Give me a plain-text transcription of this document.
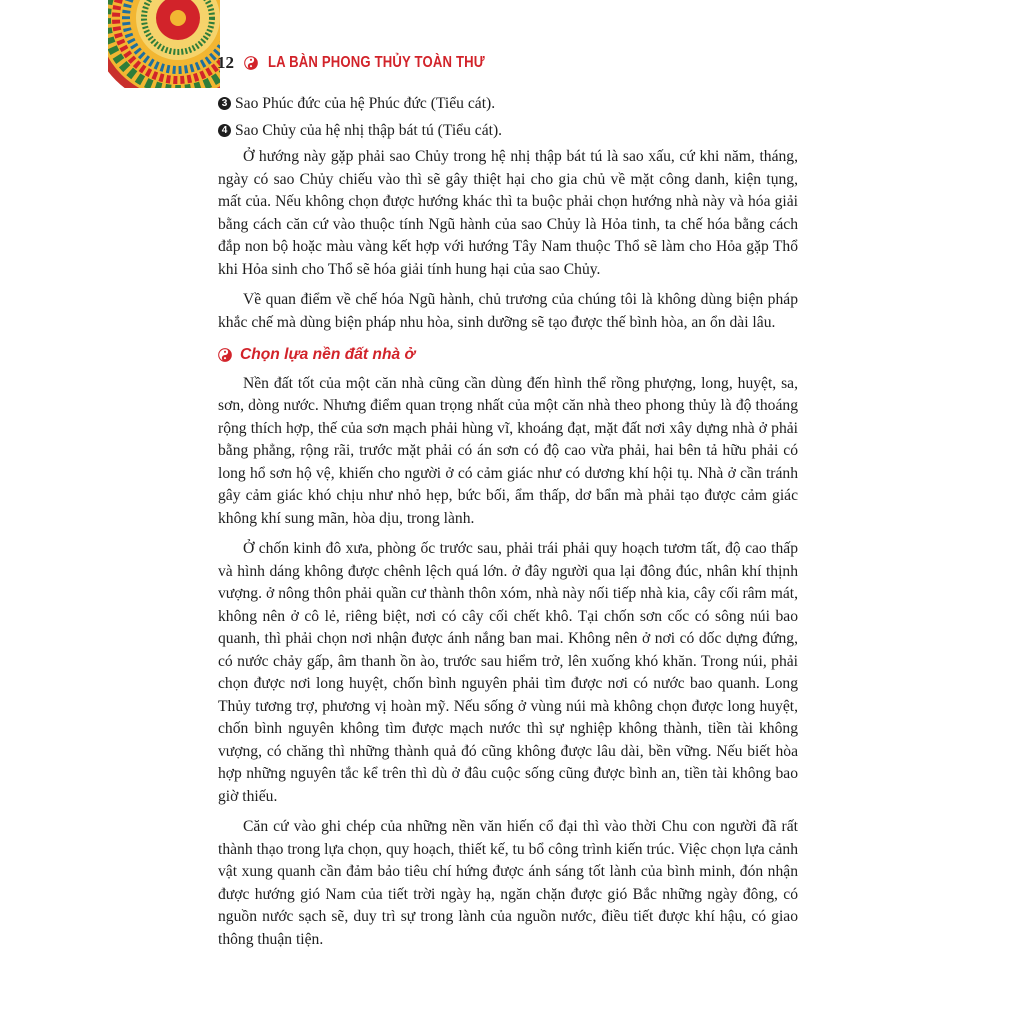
12 LA BÀN PHONG THỦY TOÀN THƯ
3 Sao Phúc đức của hệ Phúc đức (Tiểu cát).
4 Sao Chủy của hệ nhị thập bát tú (Tiểu cát).

Ở hướng này gặp phải sao Chủy trong hệ nhị thập bát tú là sao xấu, cứ khi năm, tháng, ngày có sao Chủy chiếu vào thì sẽ gây thiệt hại cho gia chủ về mặt công danh, kiện tụng, mất của. Nếu không chọn được hướng khác thì ta buộc phải chọn hướng nhà này và hóa giải bằng cách căn cứ vào thuộc tính Ngũ hành của sao Chủy là Hỏa tinh, ta chế hóa bằng cách đắp non bộ hoặc màu vàng kết hợp với hướng Tây Nam thuộc Thổ sẽ làm cho Hỏa gặp Thổ khi Hỏa sinh cho Thổ sẽ hóa giải tính hung hại của sao Chủy.

Về quan điểm về chế hóa Ngũ hành, chủ trương của chúng tôi là không dùng biện pháp khắc chế mà dùng biện pháp nhu hòa, sinh dưỡng sẽ tạo được thế bình hòa, an ổn dài lâu.

Chọn lựa nền đất nhà ở

Nền đất tốt của một căn nhà cũng cần dùng đến hình thể rồng phượng, long, huyệt, sa, sơn, dòng nước. Nhưng điểm quan trọng nhất của một căn nhà theo phong thủy là độ thoáng rộng thích hợp, thế của sơn mạch phải hùng vĩ, khoáng đạt, mặt đất nơi xây dựng nhà ở phải bằng phẳng, rộng rãi, trước mặt phải có án sơn có độ cao vừa phải, hai bên tả hữu phải có long hổ sơn hộ vệ, khiến cho người ở có cảm giác như có dương khí hội tụ. Nhà ở cần tránh gây cảm giác khó chịu như nhỏ hẹp, bức bối, ẩm thấp, dơ bẩn mà phải tạo được cảm giác không khí sung mãn, hòa dịu, trong lành.

Ở chốn kinh đô xưa, phòng ốc trước sau, phải trái phải quy hoạch tươm tất, độ cao thấp và hình dáng không được chênh lệch quá lớn. ở đây người qua lại đông đúc, nhân khí thịnh vượng. ở nông thôn phải quần cư thành thôn xóm, nhà này nối tiếp nhà kia, cây cối râm mát, không nên ở cô lẻ, riêng biệt, nơi có cây cối chết khô. Tại chốn sơn cốc có sông núi bao quanh, thì phải chọn nơi nhận được ánh nắng ban mai. Không nên ở nơi có dốc dựng đứng, có nước chảy gấp, âm thanh ồn ào, trước sau hiểm trở, lên xuống khó khăn. Trong núi, phải chọn được nơi long huyệt, chốn bình nguyên phải tìm được nơi có nước bao quanh. Long Thủy tương trợ, phương vị hoàn mỹ. Nếu sống ở vùng núi mà không chọn được long huyệt, chốn bình nguyên không tìm được mạch nước thì sự nghiệp không thành, tiền tài không vượng, có chăng thì những thành quả đó cũng không được lâu dài, bền vững. Nếu biết hòa hợp những nguyên tắc kể trên thì dù ở đâu cuộc sống cũng được bình an, tiền tài không bao giờ thiếu.

Căn cứ vào ghi chép của những nền văn hiến cổ đại thì vào thời Chu con người đã rất thành thạo trong lựa chọn, quy hoạch, thiết kế, tu bổ công trình kiến trúc. Việc chọn lựa cảnh vật xung quanh cần đảm bảo tiêu chí hứng được ánh sáng tốt lành của bình minh, đón nhận được hướng gió Nam của tiết trời ngày hạ, ngăn chặn được gió Bắc những ngày đông, có nguồn nước sạch sẽ, duy trì sự trong lành của nguồn nước, điều tiết được khí hậu, có giao thông thuận tiện.
